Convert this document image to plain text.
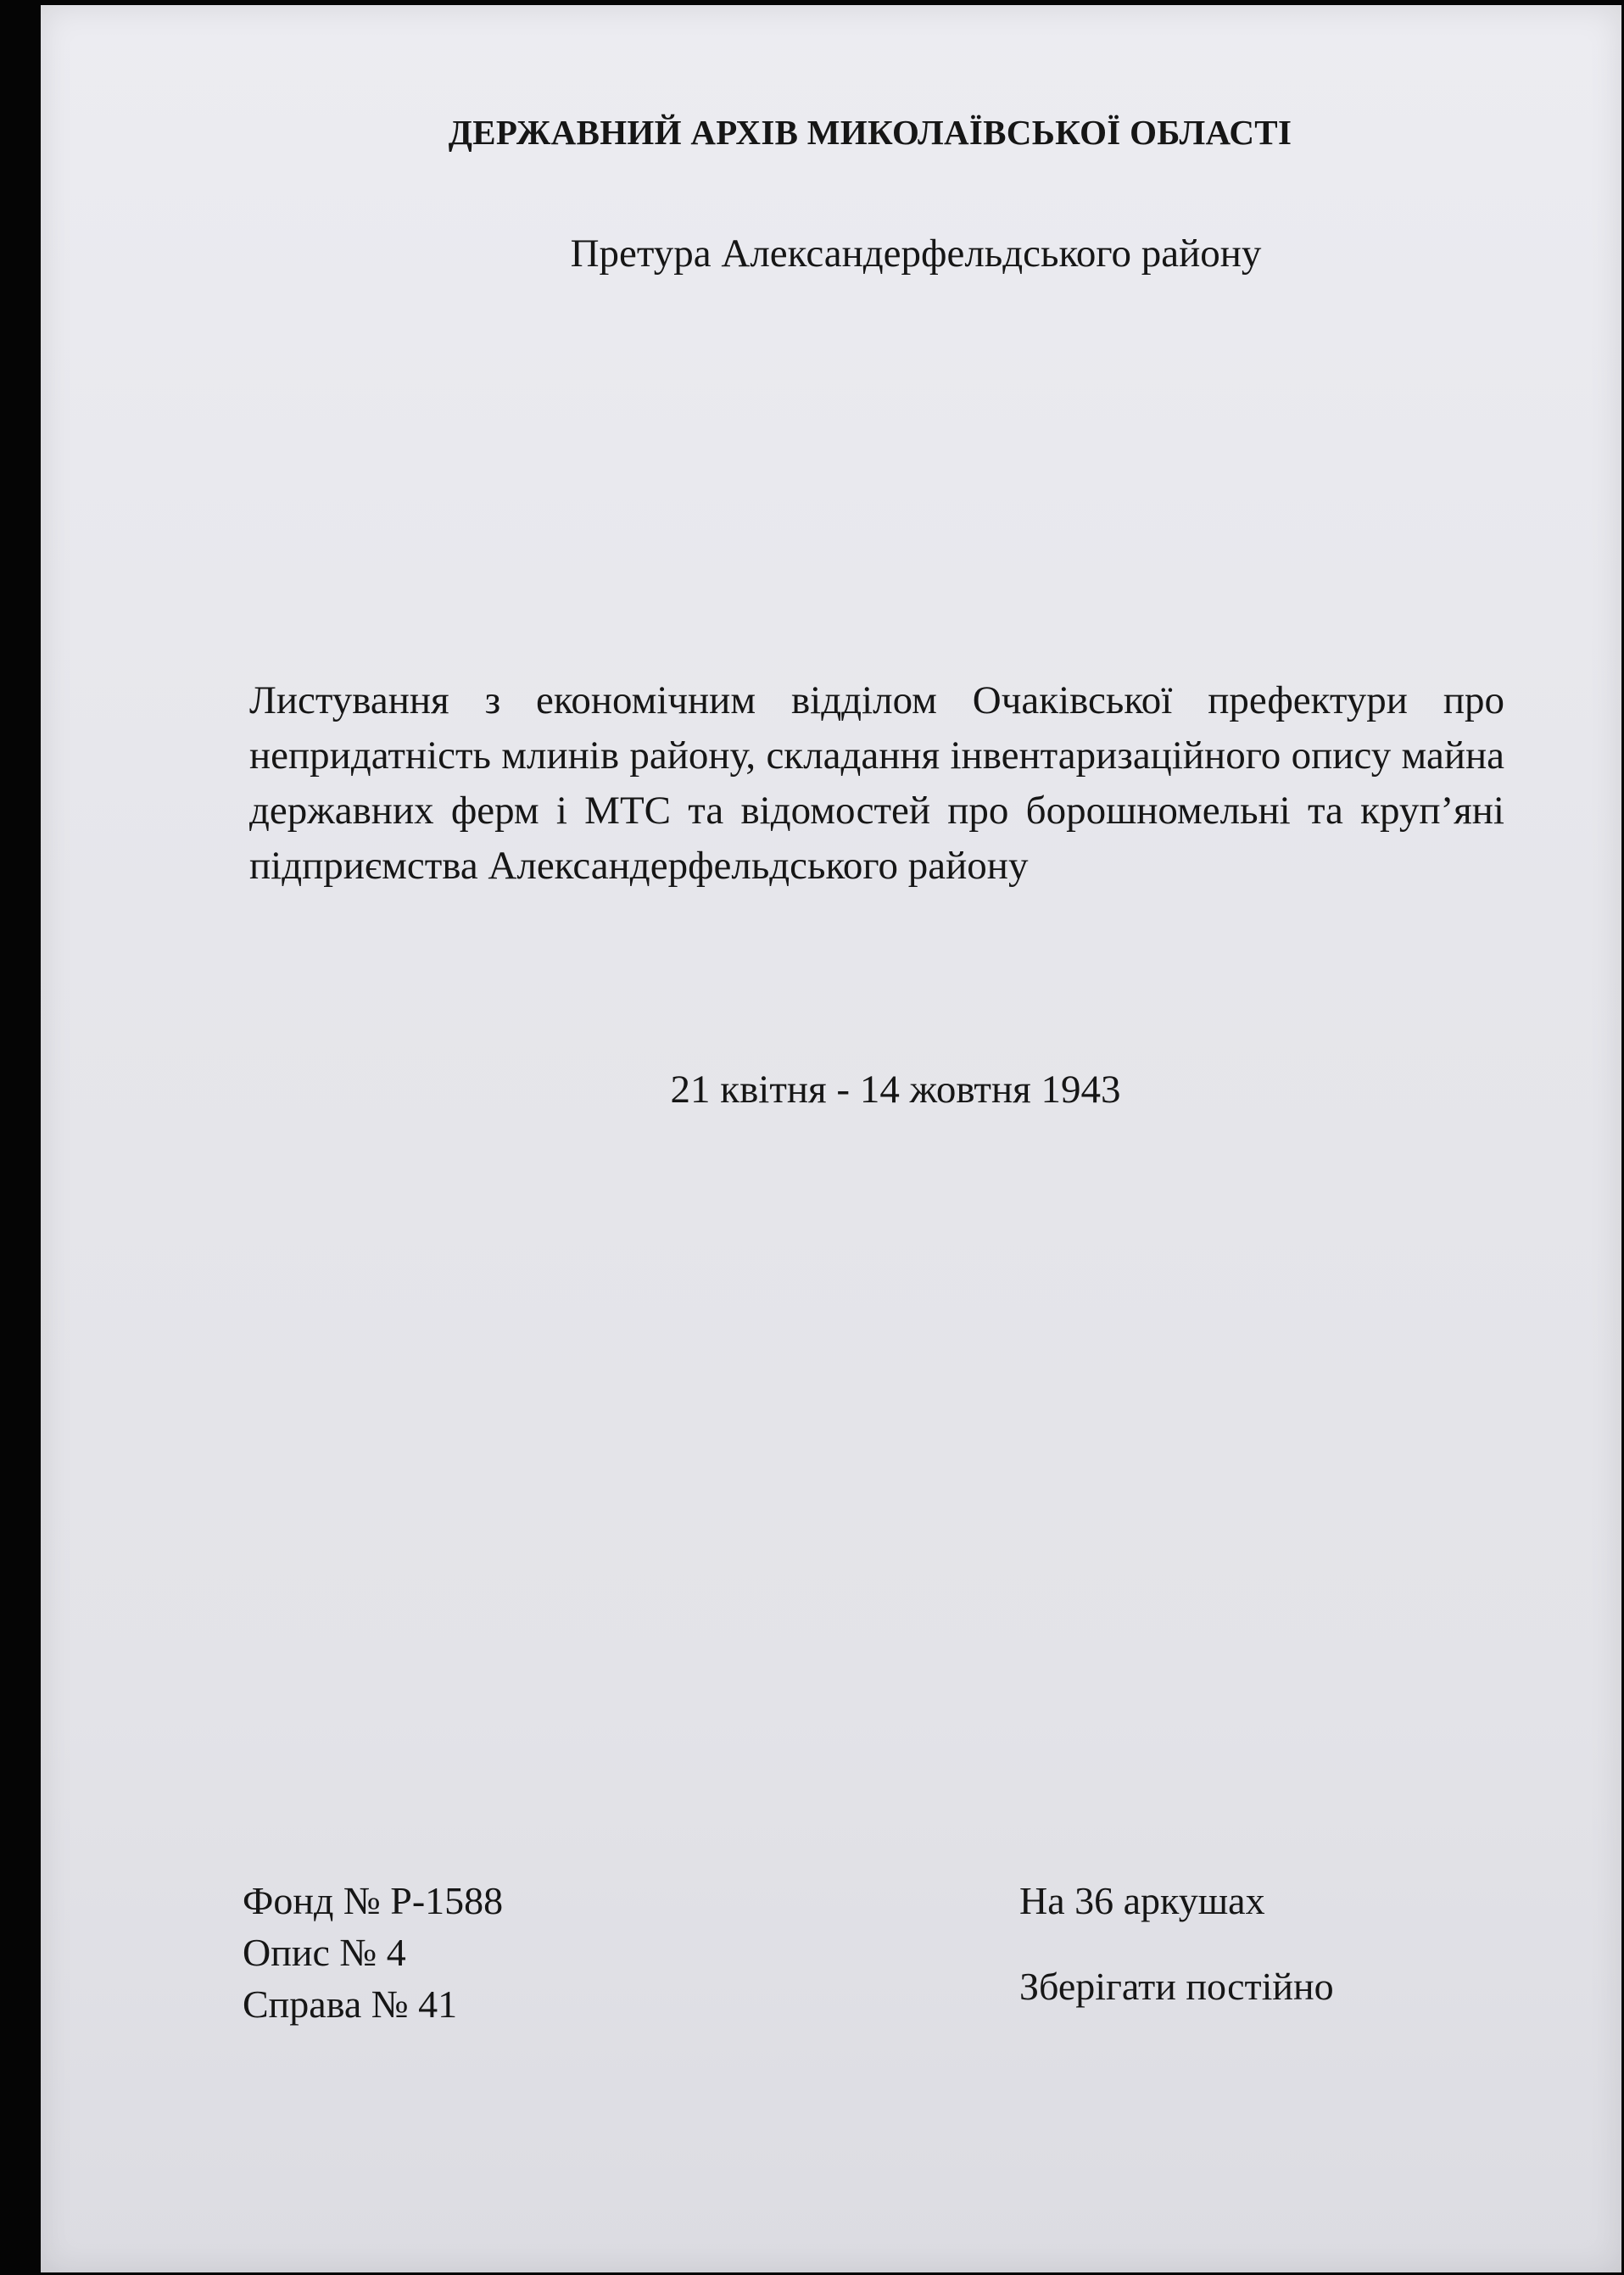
ДЕРЖАВНИЙ АРХІВ МИКОЛАЇВСЬКОЇ ОБЛАСТІ
Претура Александерфельдського району
Листування з економічним відділом Очаківської префектури про непридатність млинів району, складання інвентаризаційного опису майна державних ферм і МТС та відомостей про борошномельні та круп’яні підприємства Александерфельдського району
21 квітня - 14 жовтня 1943
Фонд № Р-1588
Опис № 4
Справа № 41
На 36 аркушах
Зберігати постійно
